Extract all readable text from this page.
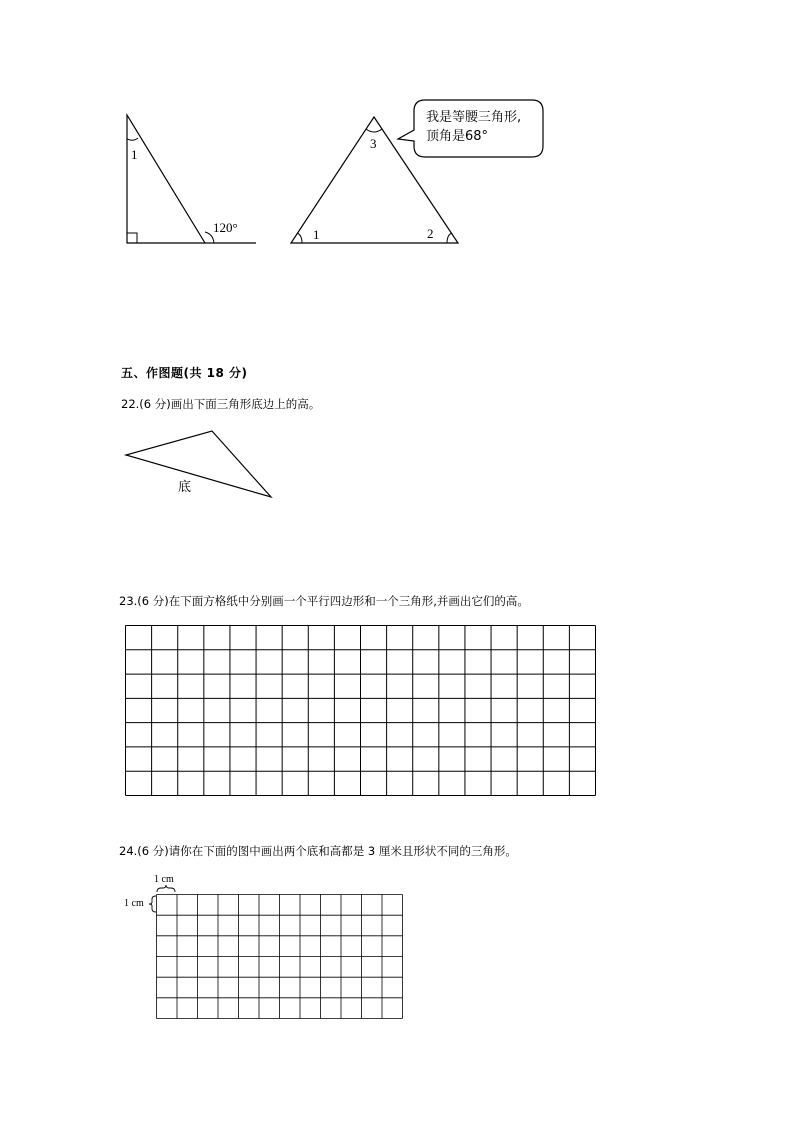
1
120°
3
1	2
我是等腰三角形,
顶角是68°
五、作图题(共 18 分)
22.(6 分)画出下面三角形底边上的高。
底
23.(6 分)在下面方格纸中分别画一个平行四边形和一个三角形,并画出它们的高。
24.(6 分)请你在下面的图中画出两个底和高都是 3 厘米且形状不同的三角形。
1 cm
1 cm
